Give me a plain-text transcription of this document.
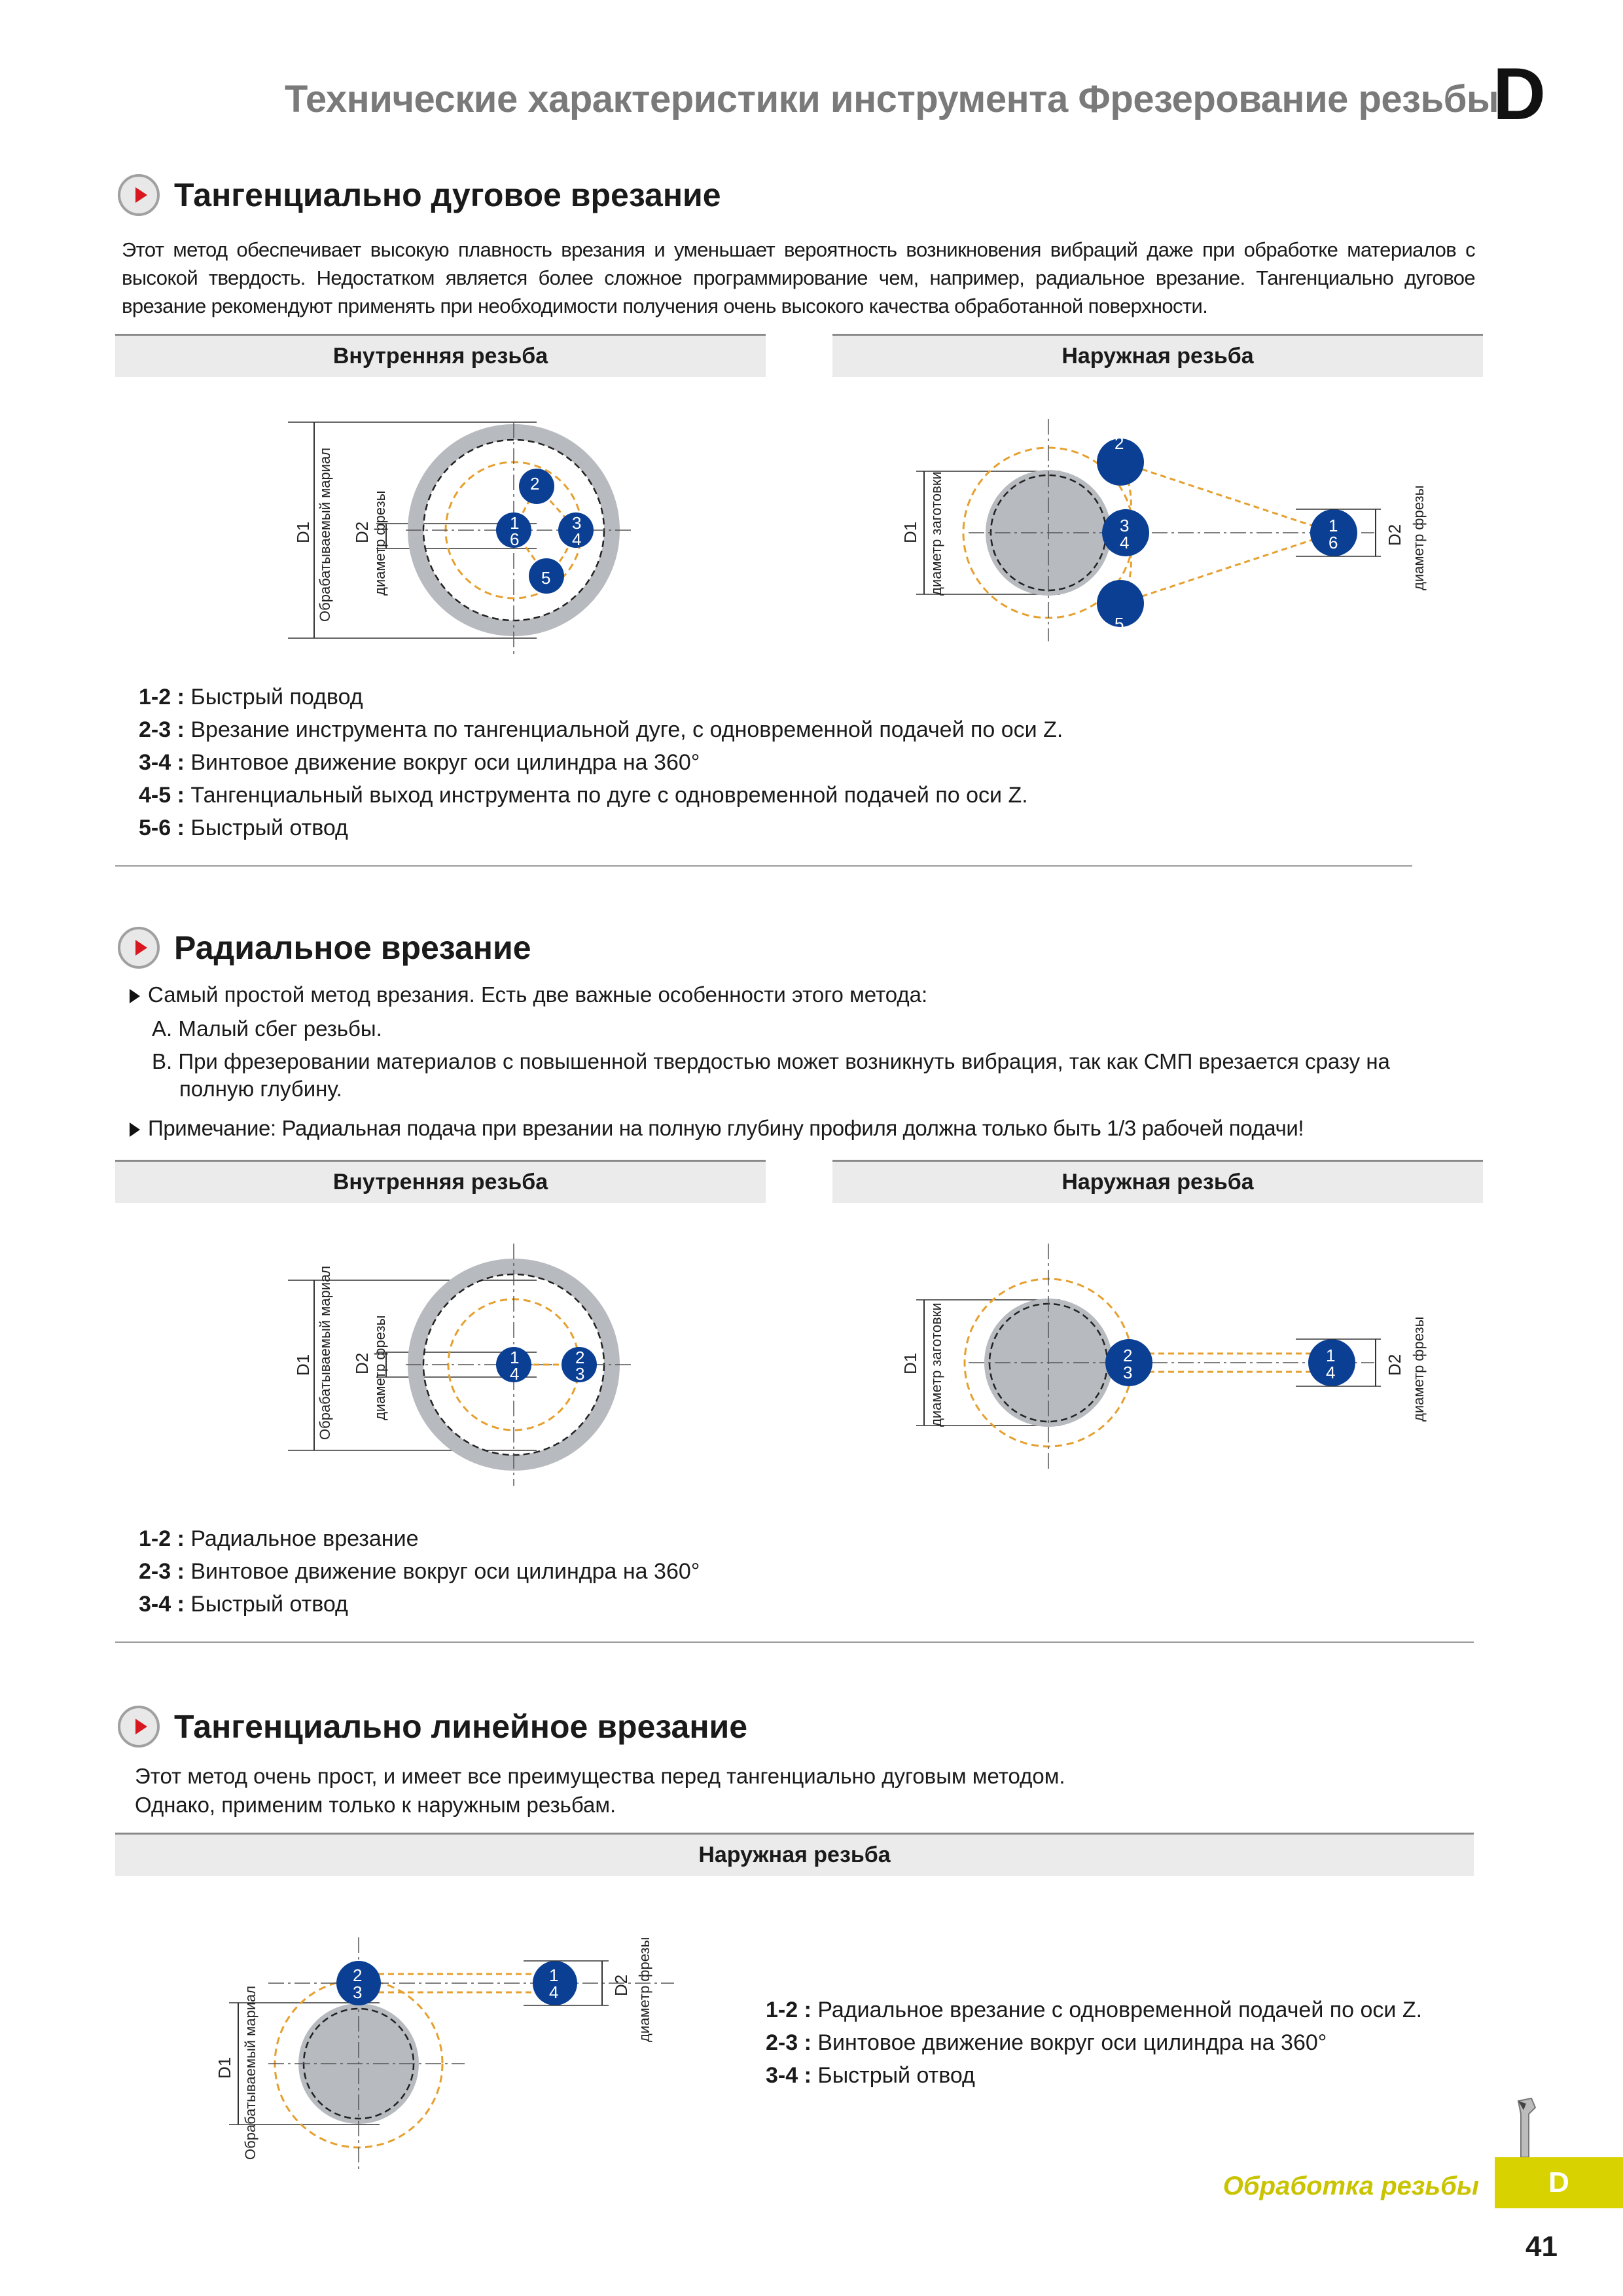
Технические характеристики инструмента Фрезерование резьбы
D
Тангенциально дуговое врезание
Этот метод обеспечивает высокую плавность врезания и уменьшает вероятность возникновения вибраций даже при обработке материалов с высокой твердость. Недостатком является более сложное программирование чем, например, радиальное врезание. Тангенциально дуговое врезание рекомендуют применять при необходимости получения очень высокого качества обработанной поверхности.
Внутренняя резьба	Наружная резьба
1
6
2
3
4
5
D1 Обрабатываемый мариал D2 диаметр фрезы
2
3
4
5
1
6
D1 диаметр заготовки	D2 диаметр фрезы
1-2 : Быстрый подвод
2-3 : Врезание инструмента по тангенциальной дуге, с одновременной подачей по оси Z.
3-4 : Винтовое движение вокруг оси цилиндра на 360°
4-5 : Тангенциальный выход инструмента по дуге с одновременной подачей по оси Z.
5-6 : Быстрый отвод
Радиальное врезание
Самый простой метод врезания. Есть две важные особенности этого метода:
A. Малый сбег резьбы.
B. При фрезеровании материалов с повышенной твердостью может возникнуть вибрация, так как СМП врезается сразу на
полную глубину.
Примечание: Радиальная подача при врезании на полную глубину профиля должна только быть 1/3 рабочей подачи!
Внутренняя резьба	Наружная резьба
1
4
2
3
D1 Обрабатываемый мариал D2 диаметр фрезы	2
3
1
4
D1 диаметр заготовки	D2 диаметр фрезы
1-2 : Радиальное врезание
2-3 : Винтовое движение вокруг оси цилиндра на 360°
3-4 : Быстрый отвод
Тангенциально линейное врезание
Этот метод очень прост, и имеет все преимущества перед тангенциально дуговым методом.
Однако, применим только к наружным резьбам.
Наружная резьба
2
3
1
4
D1 Обрабатываемый мариал
D2 диаметр фрезы	1-2 : Радиальное врезание с одновременной подачей по оси Z.
2-3 : Винтовое движение вокруг оси цилиндра на 360°
3-4 : Быстрый отвод
Обработка резьбы	D
41
